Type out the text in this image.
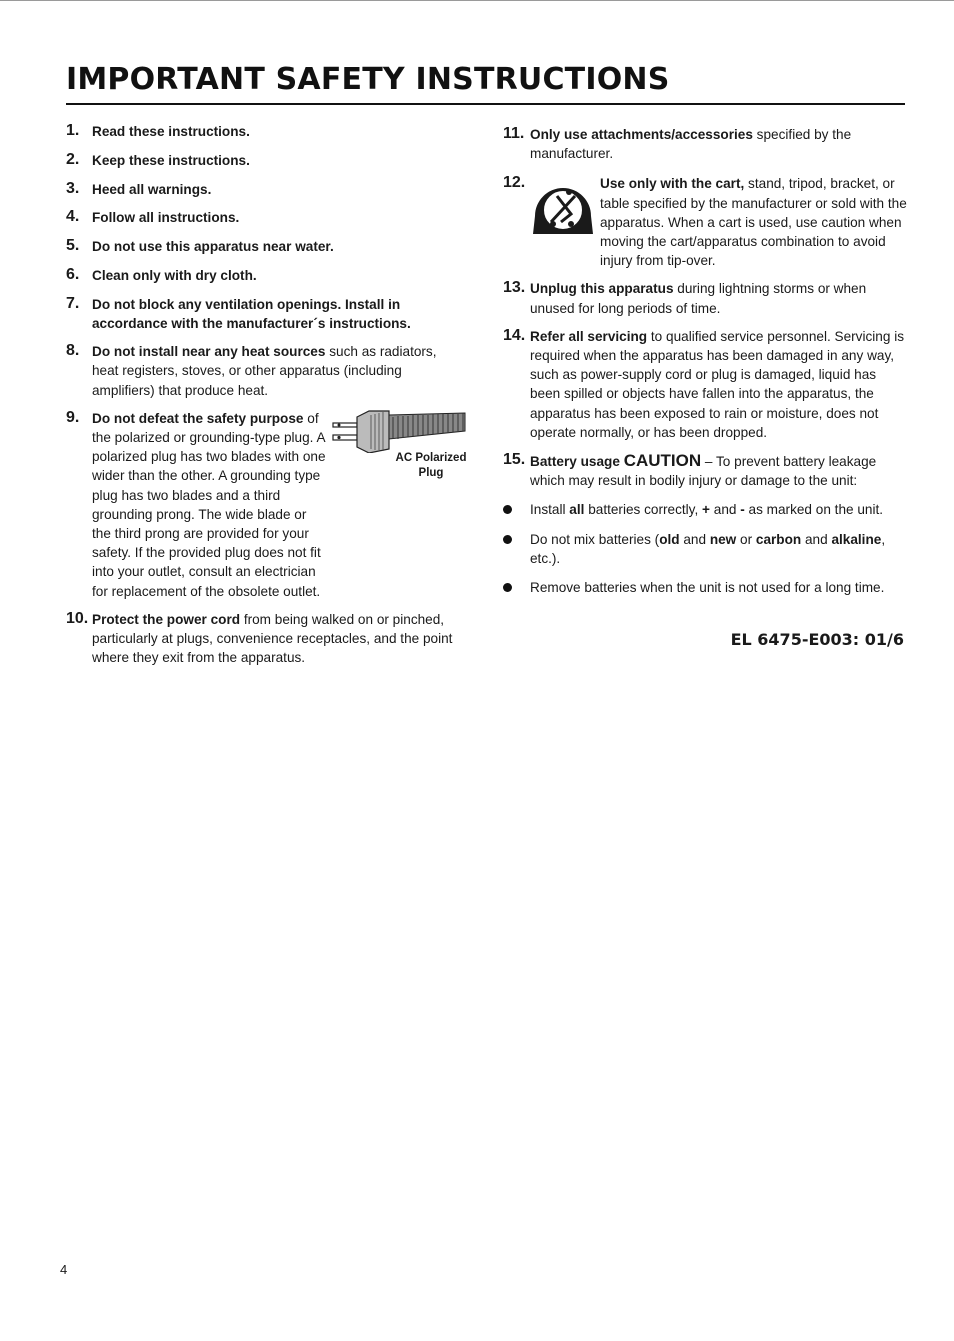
IMPORTANT SAFETY INSTRUCTIONS
1. Read these instructions.
2. Keep these instructions.
3. Heed all warnings.
4. Follow all instructions.
5. Do not use this apparatus near water.
6. Clean only with dry cloth.
7. Do not block any ventilation openings. Install in accordance with the manufacturer´s instructions.
8. Do not install near any heat sources such as radiators, heat registers, stoves, or other apparatus (including amplifiers) that produce heat.
9.
AC Polarized
Plug
Do not defeat the safety purpose of the polarized or grounding-type plug. A polarized plug has two blades with one wider than the other. A grounding type plug has two blades and a third grounding prong. The wide blade or the third prong are provided for your safety. If the provided plug does not fit into your outlet, consult an electrician for replacement of the obsolete outlet.
10. Protect the power cord from being walked on or pinched, particularly at plugs, convenience receptacles, and the point where they exit from the apparatus.
11. Only use attachments/accessories specified by the manufacturer.
12.	Use only with the cart, stand, tripod, bracket, or table specified by the manufacturer or sold with the apparatus. When a cart is used, use caution when moving the cart/apparatus combination to avoid injury from tip-over.
13. Unplug this apparatus during lightning storms or when unused for long periods of time.
14. Refer all servicing to qualified service personnel. Servicing is required when the apparatus has been damaged in any way, such as power-supply cord or plug is damaged, liquid has been spilled or objects have fallen into the apparatus, the apparatus has been exposed to rain or moisture, does not operate normally, or has been dropped.
15. Battery usage CAUTION – To prevent battery leakage which may result in bodily injury or damage to the unit:
Install all batteries correctly, + and - as marked on the unit.
Do not mix batteries (old and new or carbon and alkaline, etc.).
Remove batteries when the unit is not used for a long time.
EL 6475-E003: 01/6
4
